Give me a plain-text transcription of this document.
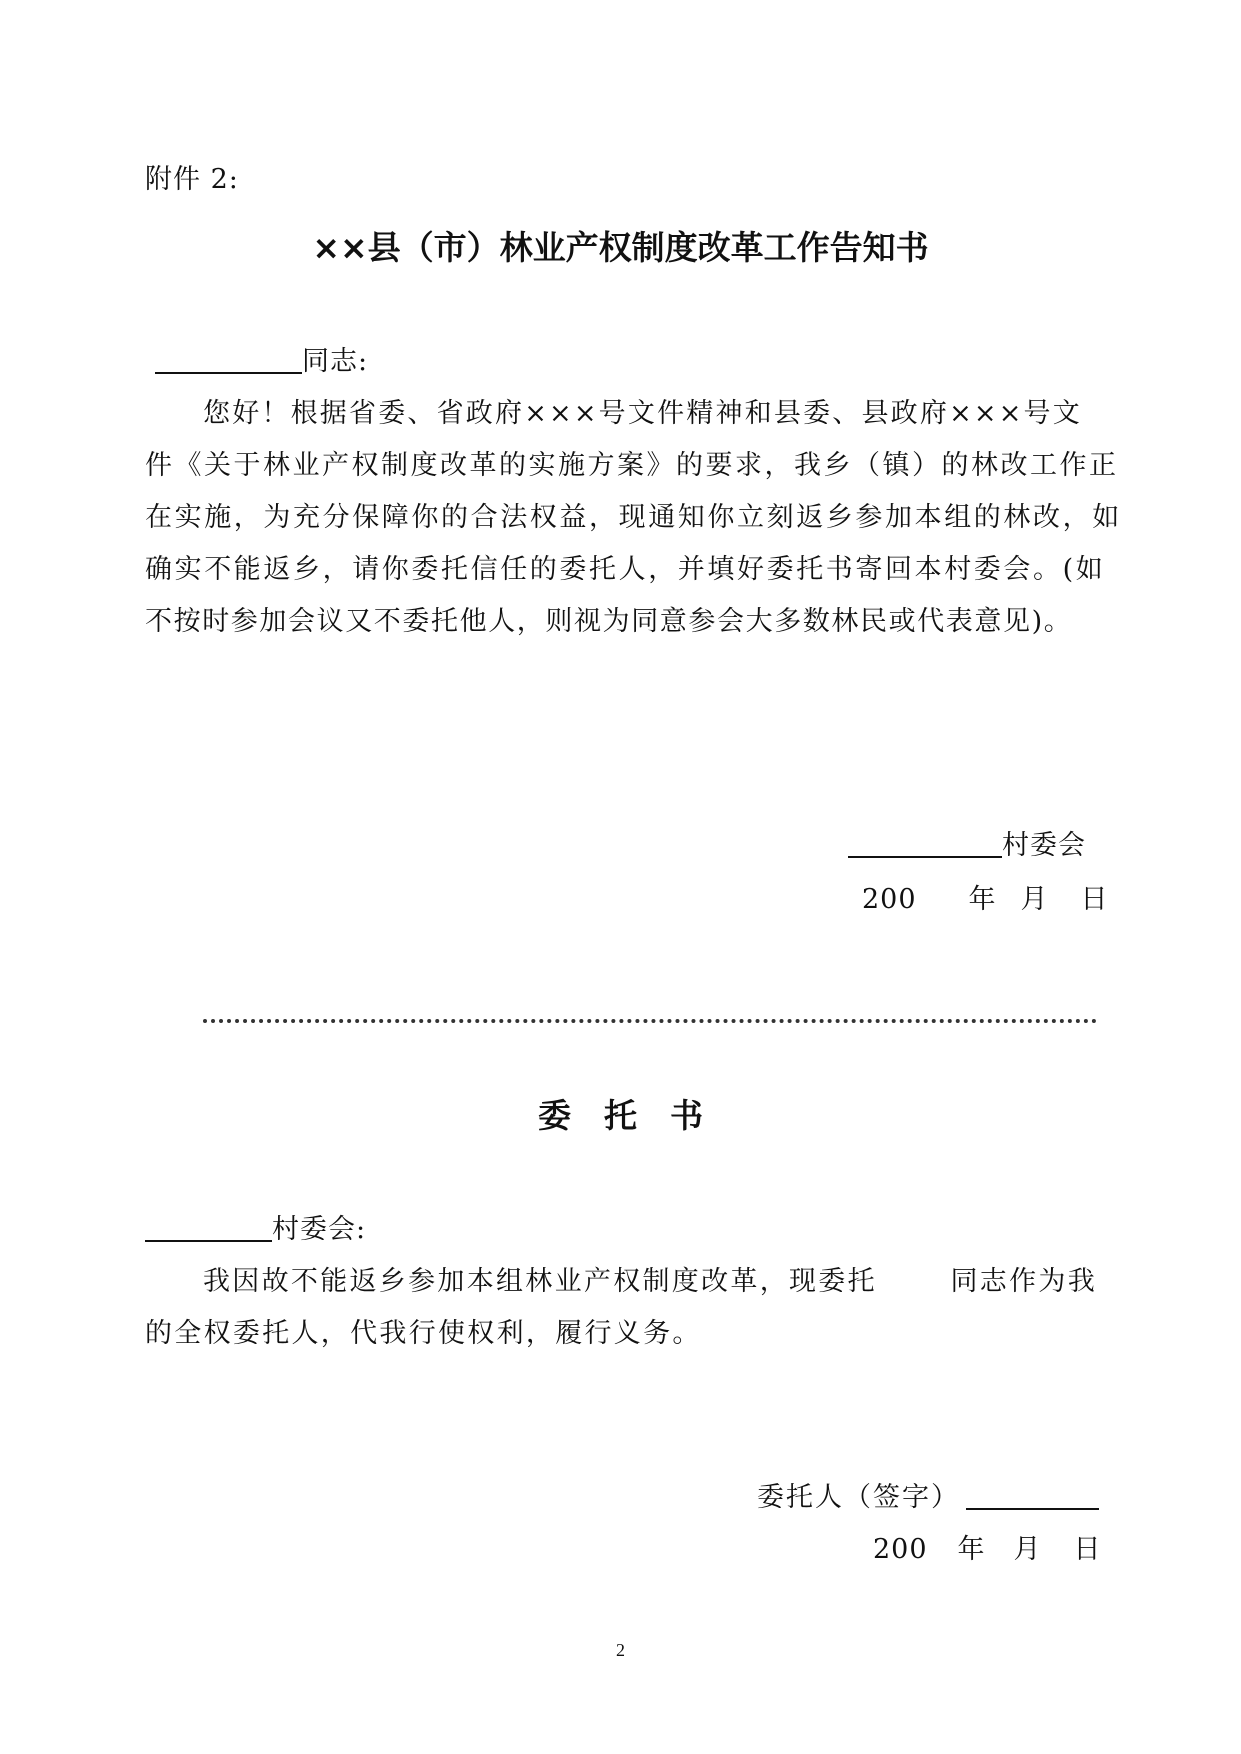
附件 2:
××县（市）林业产权制度改革工作告知书
同志:
您好！根据省委、省政府×××号文件精神和县委、县政府×××号文
件《关于林业产权制度改革的实施方案》的要求，我乡（镇）的林改工作正
在实施，为充分保障你的合法权益，现通知你立刻返乡参加本组的林改，如
确实不能返乡，请你委托信任的委托人，并填好委托书寄回本村委会。(如
不按时参加会议又不委托他人，则视为同意参会大多数林民或代表意见)。
村委会
200 年 月 日
委　托　书
村委会:
我因故不能返乡参加本组林业产权制度改革，现委托	同志作为我
的全权委托人，代我行使权利，履行义务。
委托人（签字）
200 年 月 日
2
